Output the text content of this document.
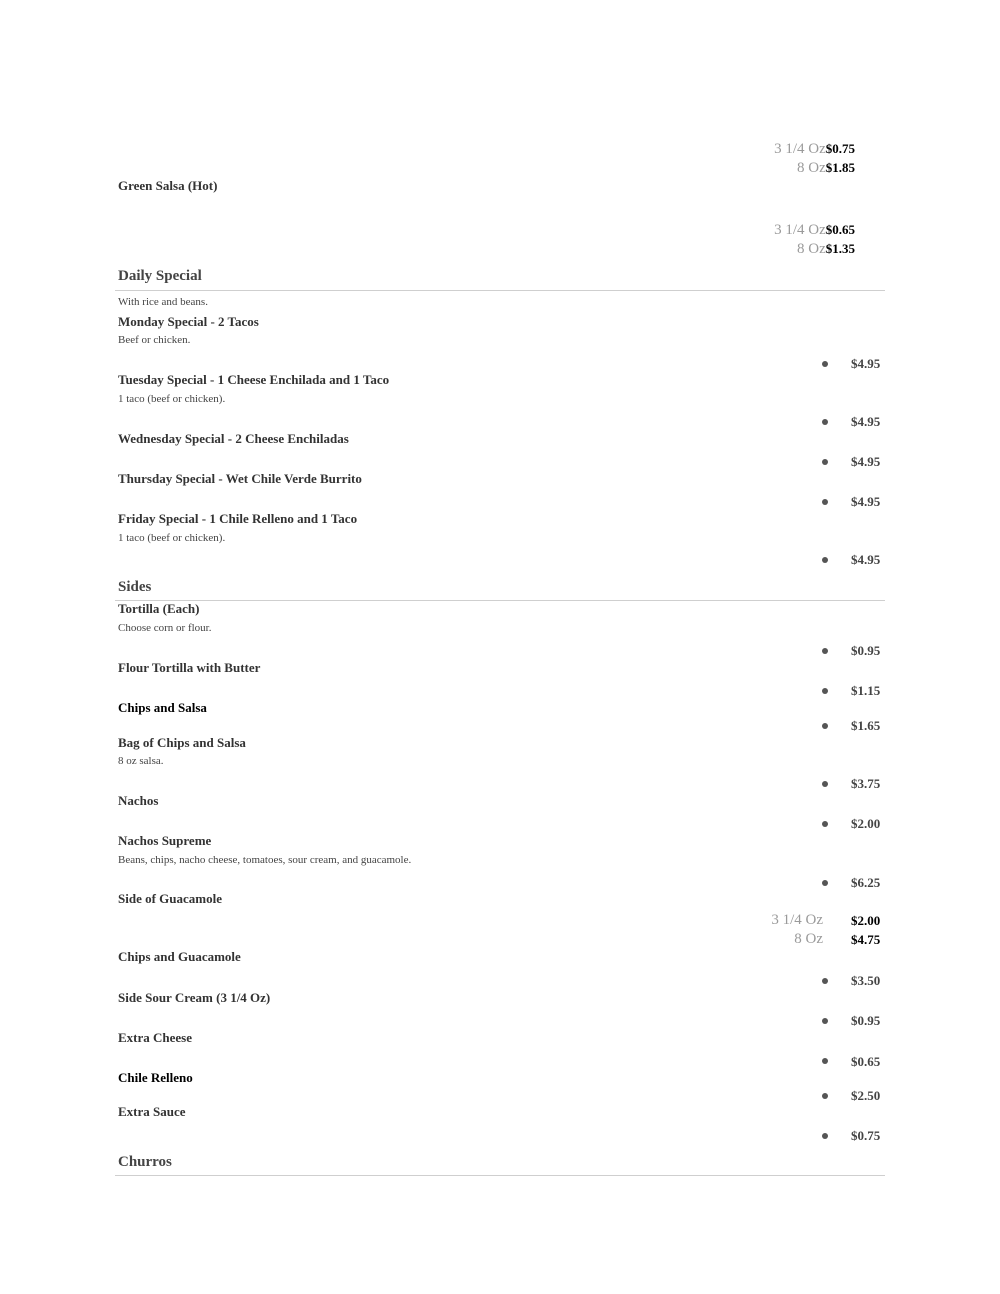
3 1/4 Oz$0.75
8 Oz$1.85
Green Salsa (Hot)
3 1/4 Oz$0.65
8 Oz$1.35
Daily Special
With rice and beans.
Monday Special - 2 Tacos
Beef or chicken.
$4.95
Tuesday Special - 1 Cheese Enchilada and 1 Taco
1 taco (beef or chicken).
$4.95
Wednesday Special - 2 Cheese Enchiladas
$4.95
Thursday Special - Wet Chile Verde Burrito
$4.95
Friday Special - 1 Chile Relleno and 1 Taco
1 taco (beef or chicken).
$4.95
Sides
Tortilla (Each)
Choose corn or flour.
$0.95
Flour Tortilla with Butter
$1.15
Chips and Salsa
$1.65
Bag of Chips and Salsa
8 oz salsa.
$3.75
Nachos
$2.00
Nachos Supreme
Beans, chips, nacho cheese, tomatoes, sour cream, and guacamole.
$6.25
Side of Guacamole
3 1/4 Oz $2.00
8 Oz $4.75
Chips and Guacamole
$3.50
Side Sour Cream (3 1/4 Oz)
$0.95
Extra Cheese
$0.65
Chile Relleno
$2.50
Extra Sauce
$0.75
Churros
